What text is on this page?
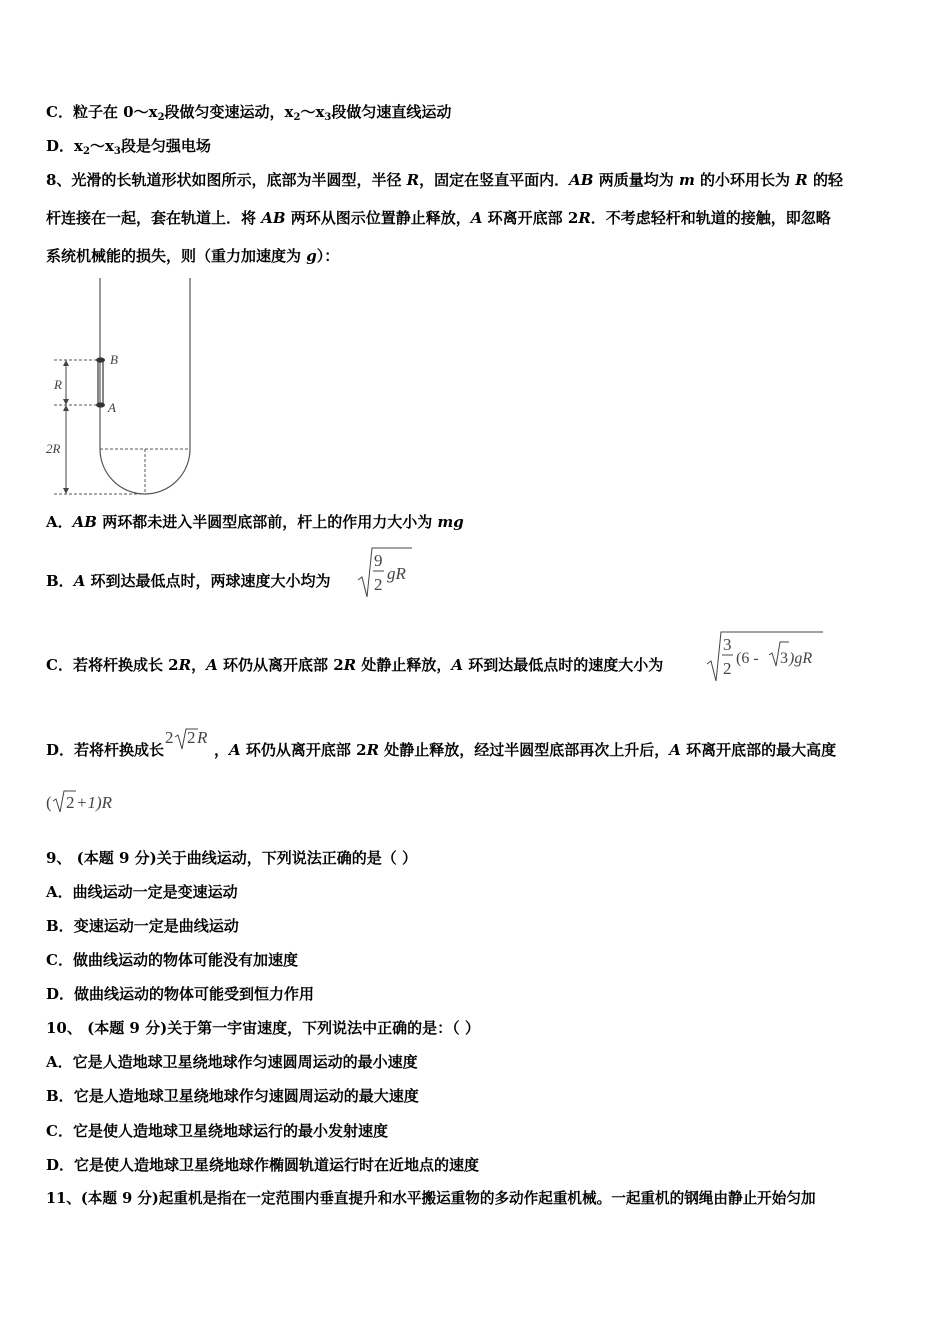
C．粒子在 $0\sim x_2$段做匀变速运动，$x_2\sim x_3$段做匀速直线运动
D．$x_2\sim x_3$段是匀强电场
8、光滑的长轨道形状如图所示，底部为半圆型，半径 R，固定在竖直平面内．AB 两质量均为 m 的小环用长为 R 的轻
杆连接在一起，套在轨道上．将 AB 两环从图示位置静止释放，A 环离开底部 2R．不考虑轻杆和轨道的接触，即忽略
系统机械能的损失，则（重力加速度为 g）：
B
A
R
2R
A．AB 两环都未进入半圆型底部前，杆上的作用力大小为 mg
B．A 环到达最低点时，两球速度大小均为
9
2
gR
C．若将杆换成长 2R，A 环仍从离开底部 2R 处静止释放，A 环到达最低点时的速度大小为
3
2
(6 - 3 )gR
D．若将杆换成长
2 2 R
，A 环仍从离开底部 2R 处静止释放，经过半圆型底部再次上升后，A 环离开底部的最大高度
( 2 +1)R
9、 (本题 9 分)关于曲线运动，下列说法正确的是（ ）
A．曲线运动一定是变速运动
B．变速运动一定是曲线运动
C．做曲线运动的物体可能没有加速度
D．做曲线运动的物体可能受到恒力作用
10、 (本题 9 分)关于第一宇宙速度，下列说法中正确的是：（ ）
A．它是人造地球卫星绕地球作匀速圆周运动的最小速度
B．它是人造地球卫星绕地球作匀速圆周运动的最大速度
C．它是使人造地球卫星绕地球运行的最小发射速度
D．它是使人造地球卫星绕地球作椭圆轨道运行时在近地点的速度
11、(本题 9 分)起重机是指在一定范围内垂直提升和水平搬运重物的多动作起重机械。一起重机的钢绳由静止开始匀加
